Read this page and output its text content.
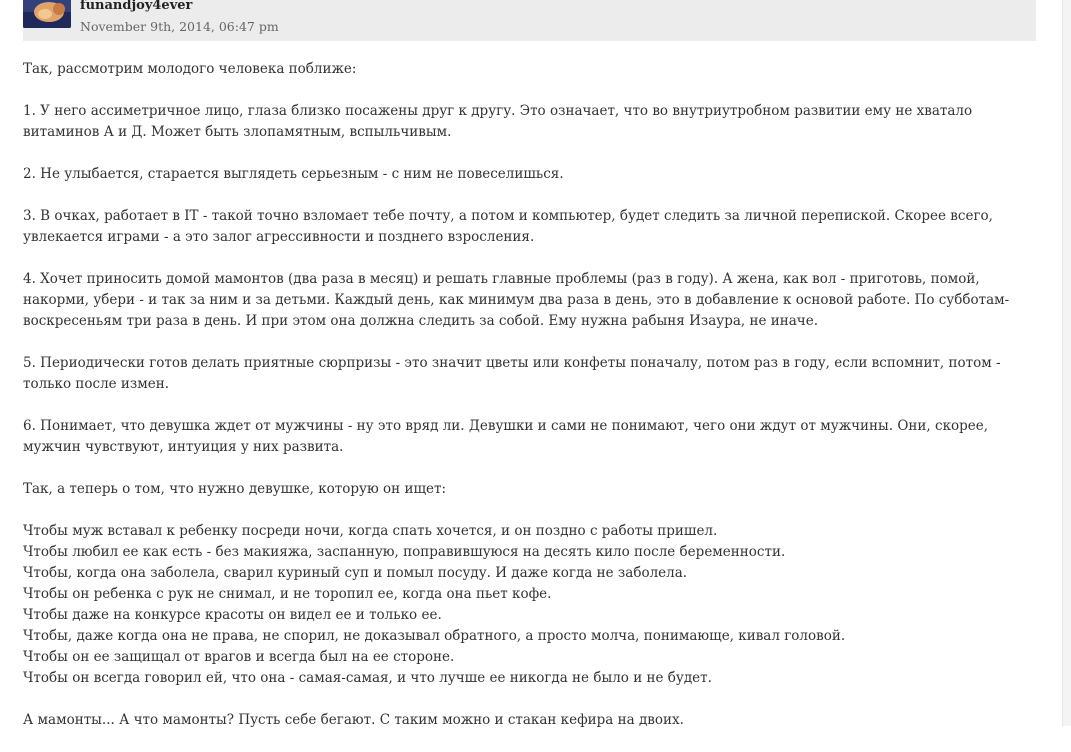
funandjoy4ever
November 9th, 2014, 06:47 pm

Так, рассмотрим молодого человека поближе:

1. У него ассиметричное лицо, глаза близко посажены друг к другу. Это означает, что во внутриутробном развитии ему не хватало витаминов А и Д. Может быть злопамятным, вспыльчивым.

2. Не улыбается, старается выглядеть серьезным - с ним не повеселишься.

3. В очках, работает в IT - такой точно взломает тебе почту, а потом и компьютер, будет следить за личной перепиской. Скорее всего, увлекается играми - а это залог агрессивности и позднего взросления.

4. Хочет приносить домой мамонтов (два раза в месяц) и решать главные проблемы (раз в году). А жена, как вол - приготовь, помой, накорми, убери - и так за ним и за детьми. Каждый день, как минимум два раза в день, это в добавление к основой работе. По субботам-воскресеньям три раза в день. И при этом она должна следить за собой. Ему нужна рабыня Изаура, не иначе.

5. Периодически готов делать приятные сюрпризы - это значит цветы или конфеты поначалу, потом раз в году, если вспомнит, потом - только после измен.

6. Понимает, что девушка ждет от мужчины - ну это вряд ли. Девушки и сами не понимают, чего они ждут от мужчины. Они, скорее, мужчин чувствуют, интуиция у них развита.

Так, а теперь о том, что нужно девушке, которую он ищет:

Чтобы муж вставал к ребенку посреди ночи, когда спать хочется, и он поздно с работы пришел.
Чтобы любил ее как есть - без макияжа, заспанную, поправившуюся на десять кило после беременности.
Чтобы, когда она заболела, сварил куриный суп и помыл посуду. И даже когда не заболела.
Чтобы он ребенка с рук не снимал, и не торопил ее, когда она пьет кофе.
Чтобы даже на конкурсе красоты он видел ее и только ее.
Чтобы, даже когда она не права, не спорил, не доказывал обратного, а просто молча, понимающе, кивал головой.
Чтобы он ее защищал от врагов и всегда был на ее стороне.
Чтобы он всегда говорил ей, что она - самая-самая, и что лучше ее никогда не было и не будет.

А мамонты... А что мамонты? Пусть себе бегают. С таким можно и стакан кефира на двоих.
